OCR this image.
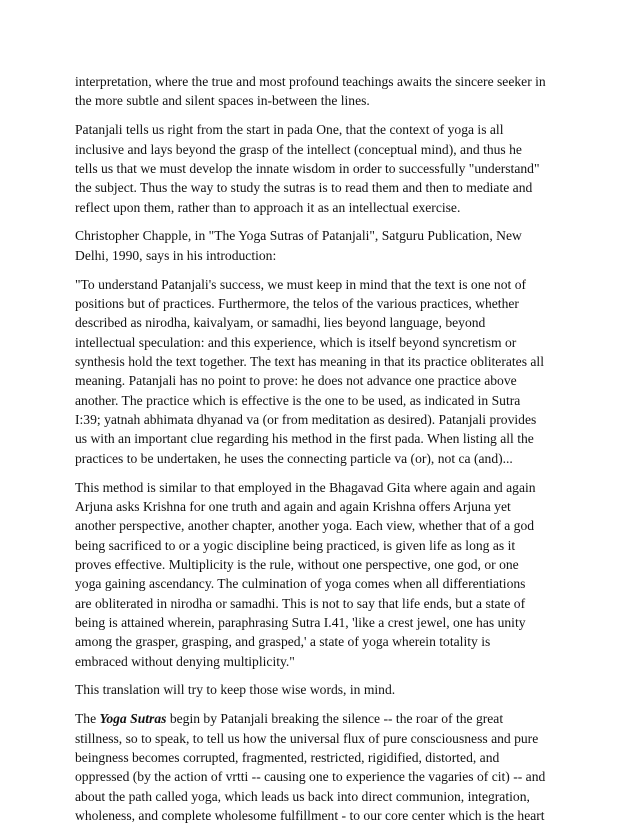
interpretation, where the true and most profound teachings awaits the sincere seeker in
the more subtle and silent spaces in-between the lines.
Patanjali tells us right from the start in pada One, that the context of yoga is all
inclusive and lays beyond the grasp of the intellect (conceptual mind), and thus he
tells us that we must develop the innate wisdom in order to successfully "understand"
the subject. Thus the way to study the sutras is to read them and then to mediate and
reflect upon them, rather than to approach it as an intellectual exercise.
Christopher Chapple, in "The Yoga Sutras of Patanjali", Satguru Publication, New
Delhi, 1990, says in his introduction:
"To understand Patanjali's success, we must keep in mind that the text is one not of
positions but of practices. Furthermore, the telos of the various practices, whether
described as nirodha, kaivalyam, or samadhi, lies beyond language, beyond
intellectual speculation: and this experience, which is itself beyond syncretism or
synthesis hold the text together. The text has meaning in that its practice obliterates all
meaning. Patanjali has no point to prove: he does not advance one practice above
another. The practice which is effective is the one to be used, as indicated in Sutra
I:39; yatnah abhimata dhyanad va (or from meditation as desired). Patanjali provides
us with an important clue regarding his method in the first pada. When listing all the
practices to be undertaken, he uses the connecting particle va (or), not ca (and)...
This method is similar to that employed in the Bhagavad Gita where again and again
Arjuna asks Krishna for one truth and again and again Krishna offers Arjuna yet
another perspective, another chapter, another yoga. Each view, whether that of a god
being sacrificed to or a yogic discipline being practiced, is given life as long as it
proves effective. Multiplicity is the rule, without one perspective, one god, or one
yoga gaining ascendancy. The culmination of yoga comes when all differentiations
are obliterated in nirodha or samadhi. This is not to say that life ends, but a state of
being is attained wherein, paraphrasing Sutra I.41, 'like a crest jewel, one has unity
among the grasper, grasping, and grasped,' a state of yoga wherein totality is
embraced without denying multiplicity."
This translation will try to keep those wise words, in mind.
The Yoga Sutras begin by Patanjali breaking the silence -- the roar of the great
stillness, so to speak, to tell us how the universal flux of pure consciousness and pure
beingness becomes corrupted, fragmented, restricted, rigidified, distorted, and
oppressed (by the action of vrtti -- causing one to experience the vagaries of cit) -- and
about the path called yoga, which leads us back into direct communion, integration,
wholeness, and complete wholesome fulfillment - to our core center which is the heart
